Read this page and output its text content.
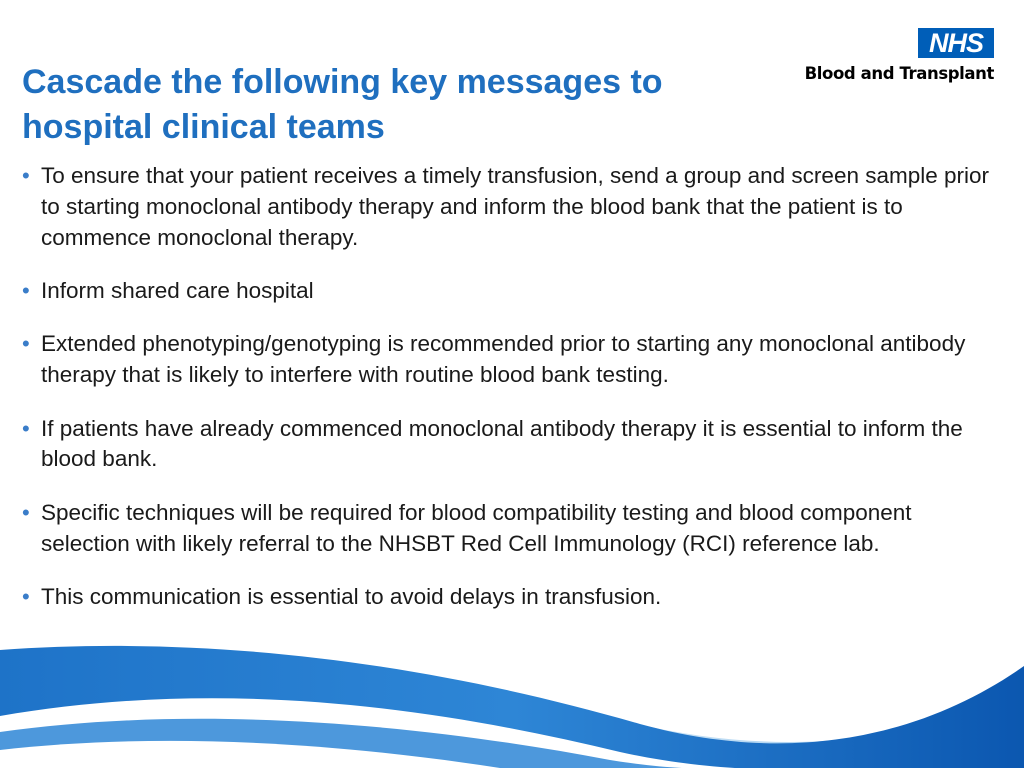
NHS
Blood and Transplant
Cascade the following key messages to hospital clinical teams
• To ensure that your patient receives a timely transfusion, send a group and screen sample prior to starting monoclonal antibody therapy and inform the blood bank that the patient is to commence monoclonal therapy.
• Inform shared care hospital
• Extended phenotyping/genotyping is recommended prior to starting any monoclonal antibody therapy that is likely to interfere with routine blood bank testing.
• If patients have already commenced monoclonal antibody therapy it is essential to inform the blood bank.
• Specific techniques will be required for blood compatibility testing and blood component selection with likely referral to the NHSBT Red Cell Immunology (RCI) reference lab.
• This communication is essential to avoid delays in transfusion.
